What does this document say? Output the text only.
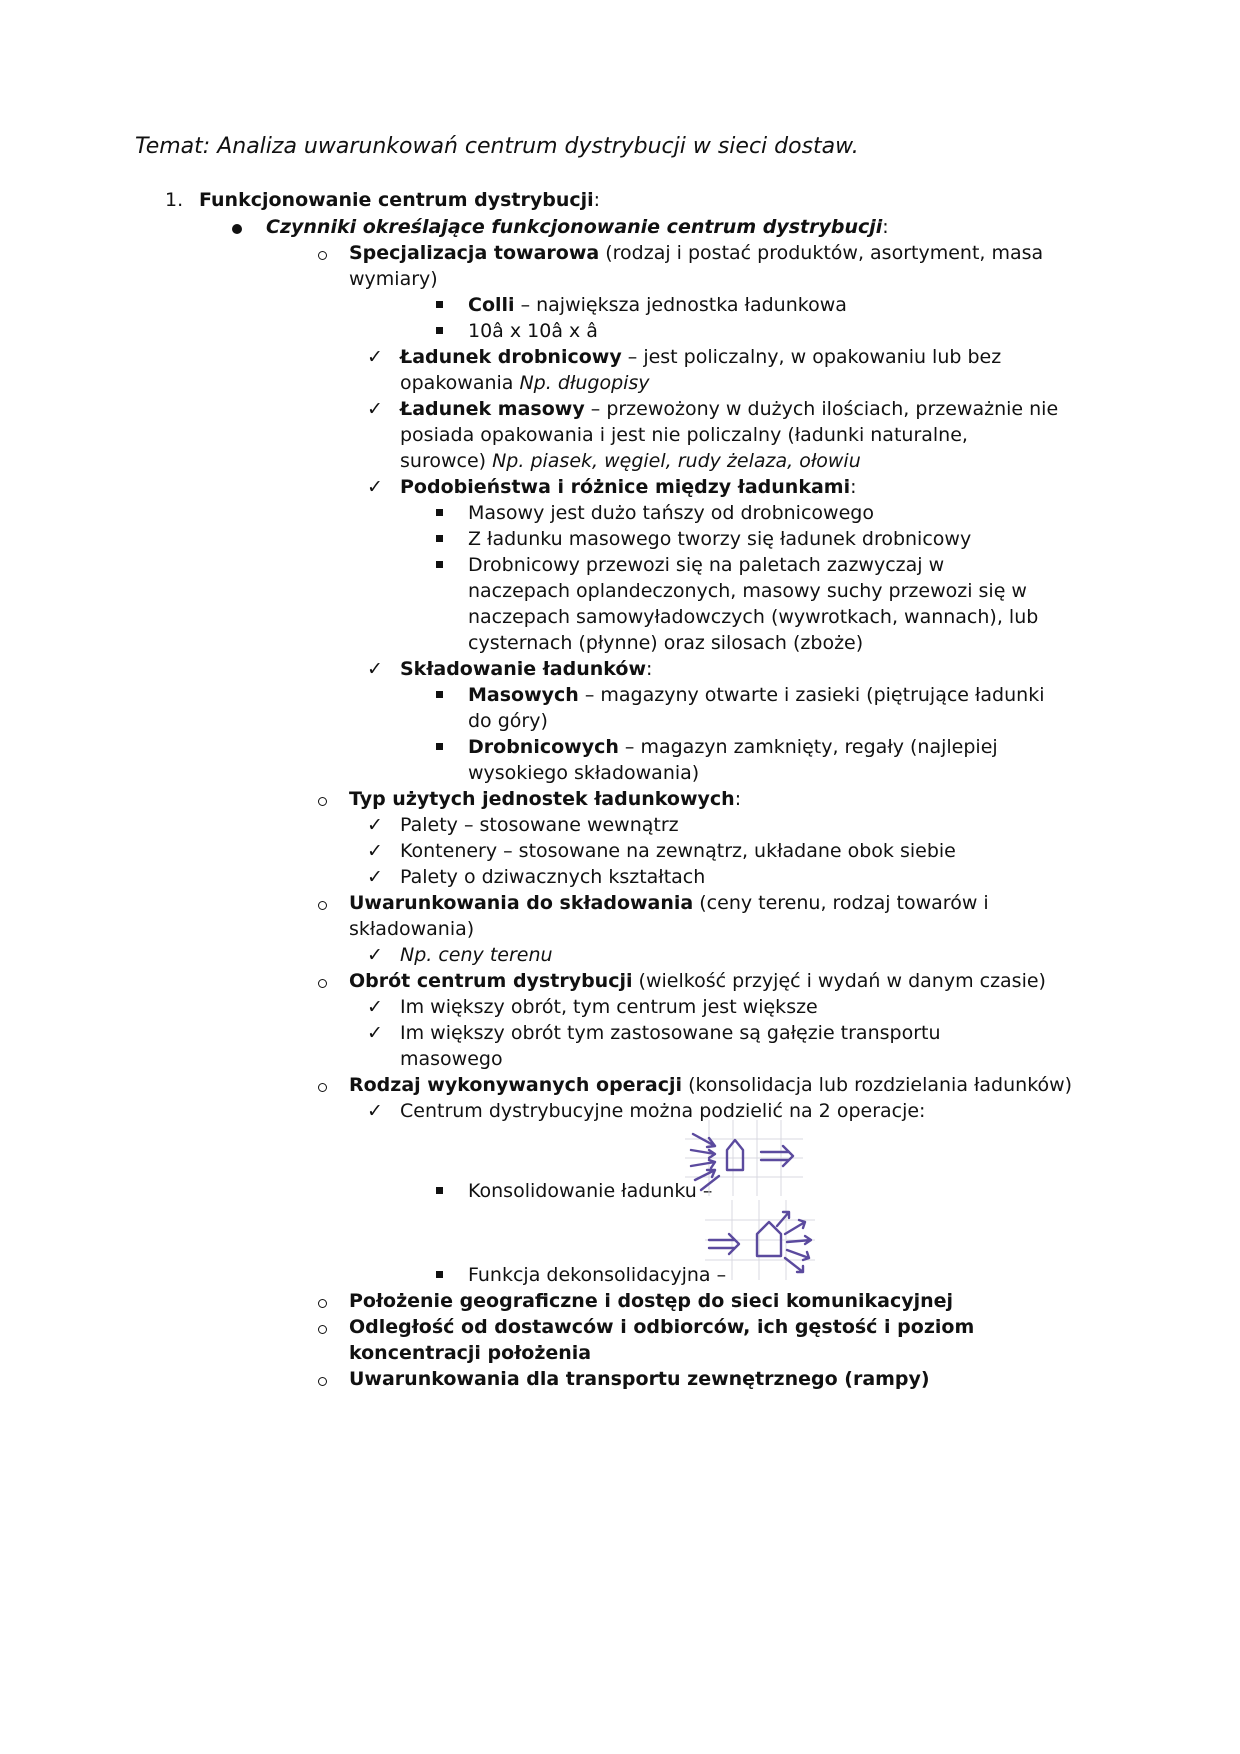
Temat: Analiza uwarunkowań centrum dystrybucji w sieci dostaw.
1. Funkcjonowanie centrum dystrybucji:
Czynniki określające funkcjonowanie centrum dystrybucji:
Specjalizacja towarowa (rodzaj i postać produktów, asortyment, masa
wymiary)
Colli – największa jednostka ładunkowa
10â x 10â x â
✓ Ładunek drobnicowy – jest policzalny, w opakowaniu lub bez
opakowania Np. długopisy
✓ Ładunek masowy – przewożony w dużych ilościach, przeważnie nie
posiada opakowania i jest nie policzalny (ładunki naturalne,
surowce) Np. piasek, węgiel, rudy żelaza, ołowiu
✓ Podobieństwa i różnice między ładunkami:
Masowy jest dużo tańszy od drobnicowego
Z ładunku masowego tworzy się ładunek drobnicowy
Drobnicowy przewozi się na paletach zazwyczaj w
naczepach oplandeczonych, masowy suchy przewozi się w
naczepach samowyładowczych (wywrotkach, wannach), lub
cysternach (płynne) oraz silosach (zboże)
✓ Składowanie ładunków:
Masowych – magazyny otwarte i zasieki (piętrujące ładunki
do góry)
Drobnicowych – magazyn zamknięty, regały (najlepiej
wysokiego składowania)
Typ użytych jednostek ładunkowych:
✓ Palety – stosowane wewnątrz
✓ Kontenery – stosowane na zewnątrz, układane obok siebie
✓ Palety o dziwacznych kształtach
Uwarunkowania do składowania (ceny terenu, rodzaj towarów i
składowania)
✓ Np. ceny terenu
Obrót centrum dystrybucji (wielkość przyjęć i wydań w danym czasie)
✓ Im większy obrót, tym centrum jest większe
✓ Im większy obrót tym zastosowane są gałęzie transportu
masowego
Rodzaj wykonywanych operacji (konsolidacja lub rozdzielania ładunków)
✓ Centrum dystrybucyjne można podzielić na 2 operacje:
Konsolidowanie ładunku –
Funkcja dekonsolidacyjna –
Położenie geograficzne i dostęp do sieci komunikacyjnej
Odległość od dostawców i odbiorców, ich gęstość i poziom
koncentracji położenia
Uwarunkowania dla transportu zewnętrznego (rampy)
